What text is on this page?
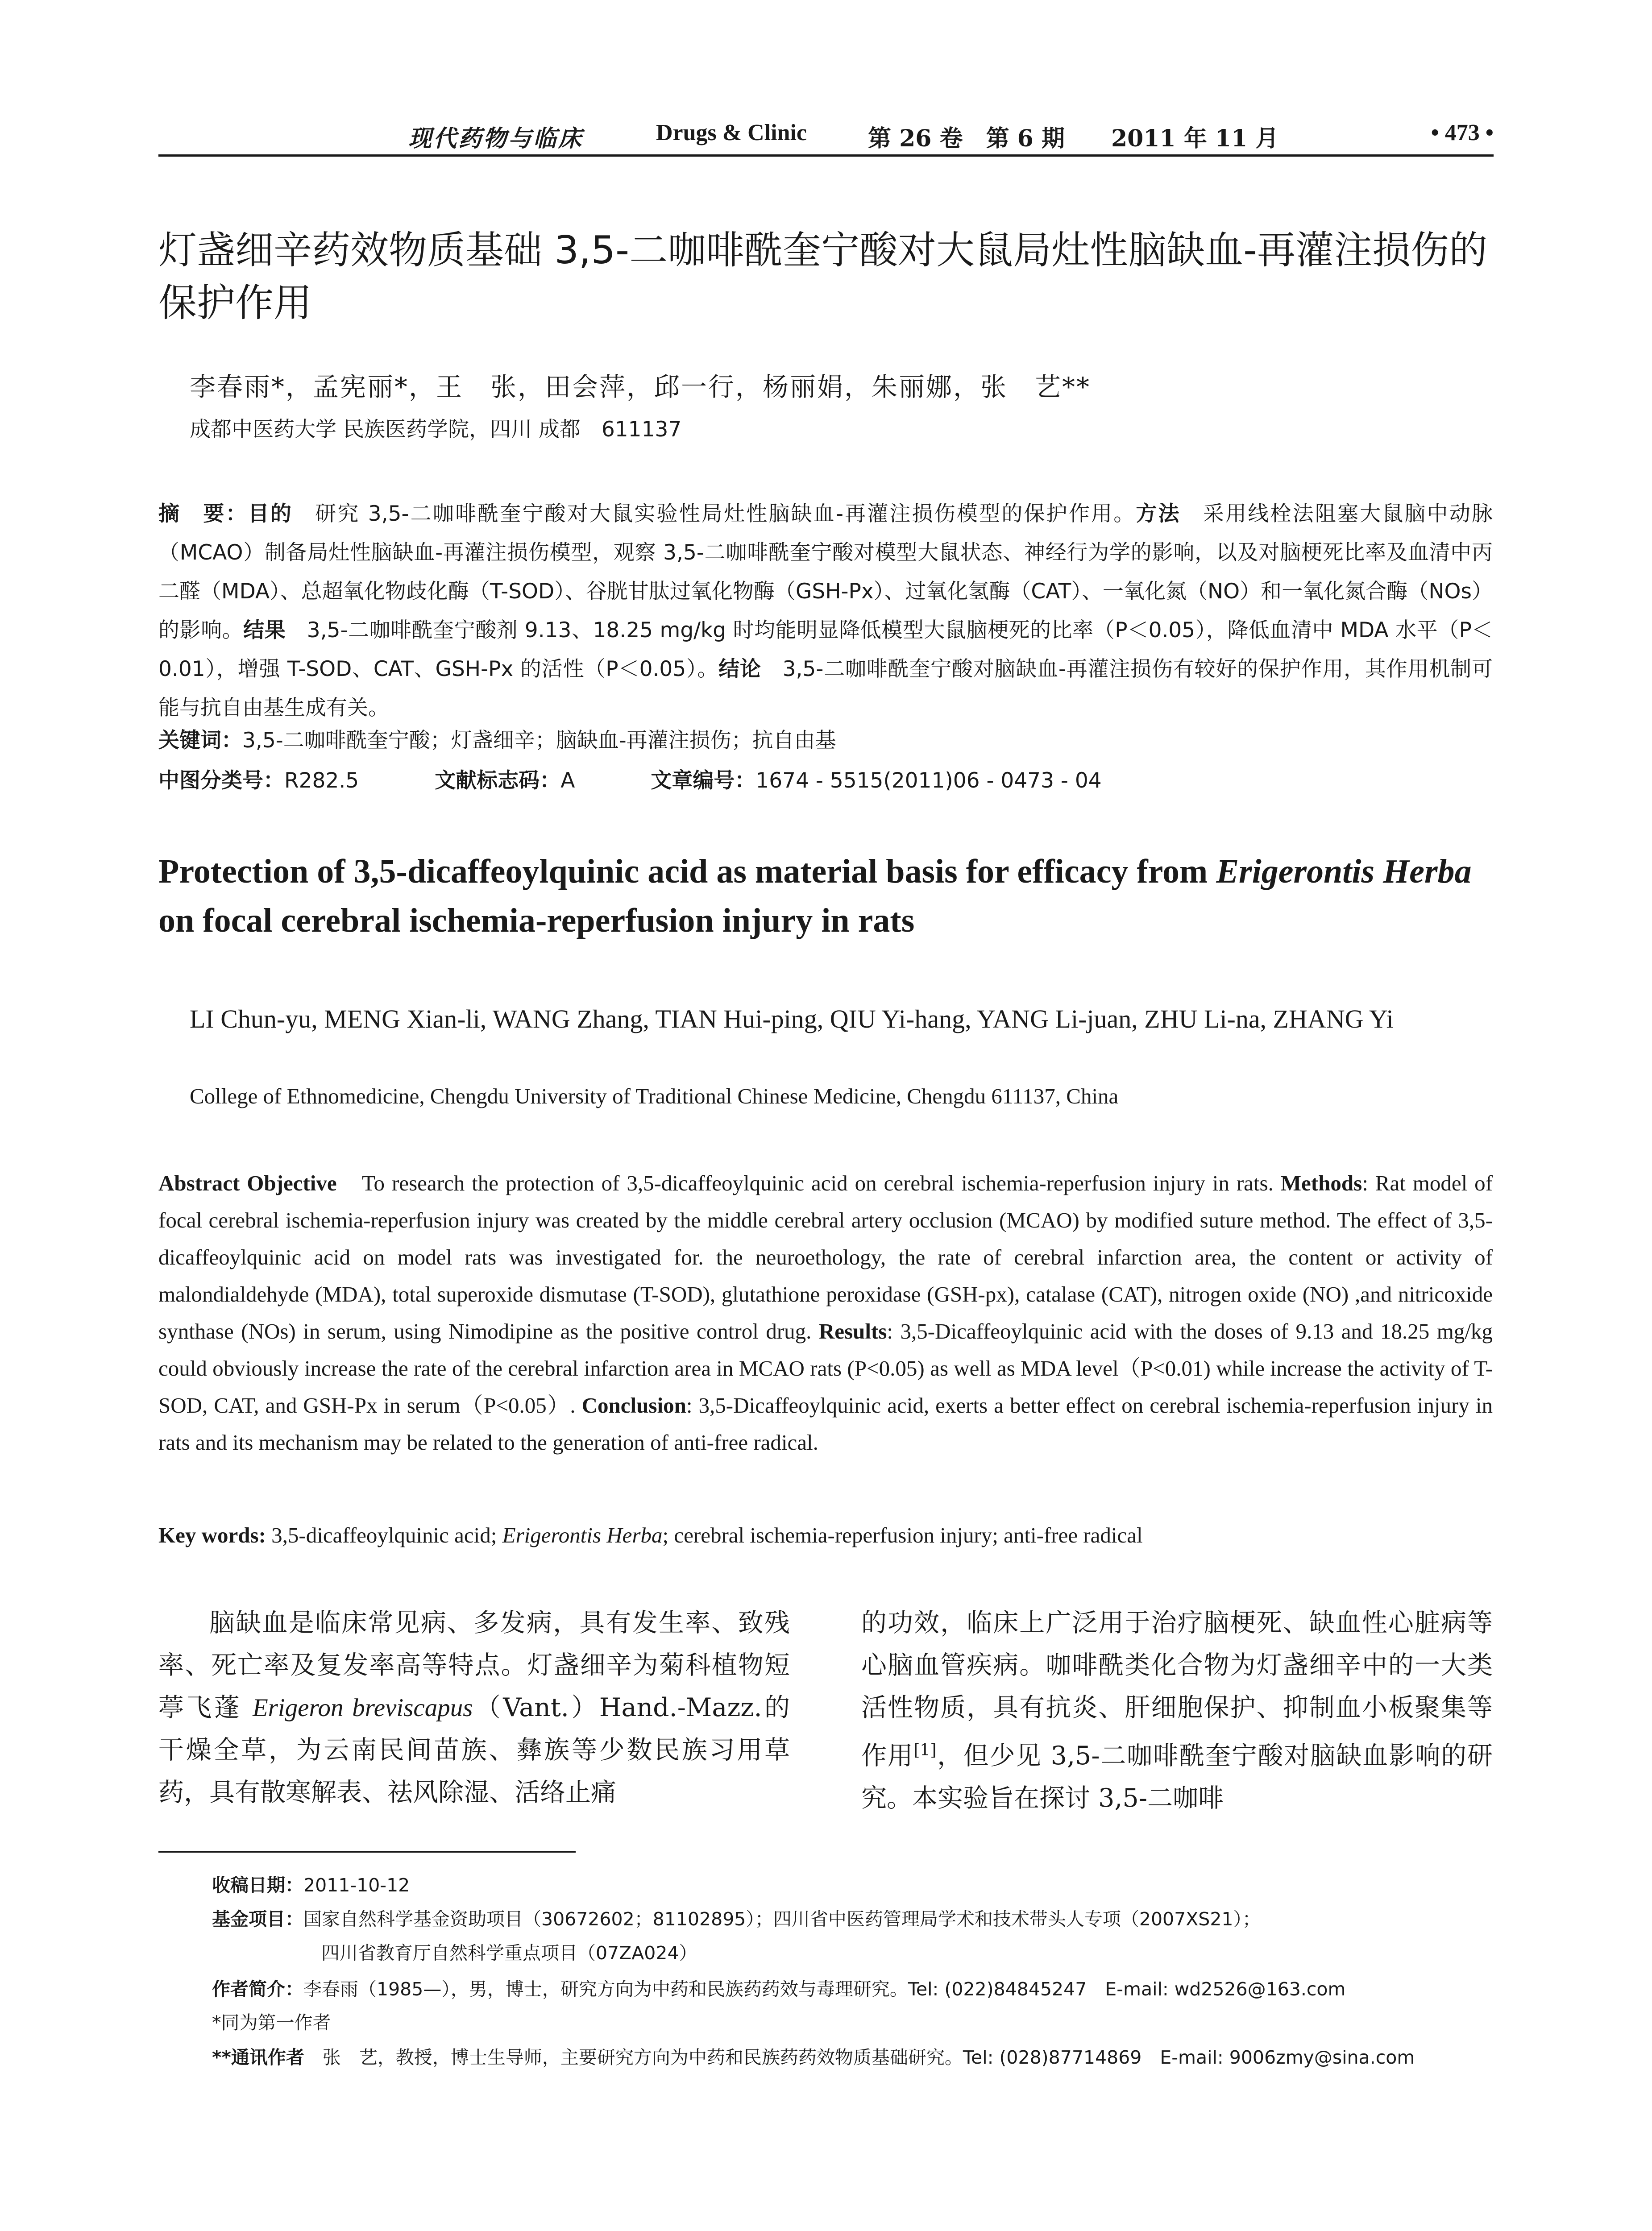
现代药物与临床	Drugs & Clinic	第 26 卷　第 6 期 2011 年 11 月	• 473 •
灯盏细辛药效物质基础 3,5-二咖啡酰奎宁酸对大鼠局灶性脑缺血-再灌注损伤的保护作用
李春雨*，孟宪丽*，王　张，田会萍，邱一行，杨丽娟，朱丽娜，张　艺**
成都中医药大学 民族医药学院，四川 成都　611137
摘　要：目的　研究 3,5-二咖啡酰奎宁酸对大鼠实验性局灶性脑缺血-再灌注损伤模型的保护作用。方法　采用线栓法阻塞大鼠脑中动脉（MCAO）制备局灶性脑缺血-再灌注损伤模型，观察 3,5-二咖啡酰奎宁酸对模型大鼠状态、神经行为学的影响，以及对脑梗死比率及血清中丙二醛（MDA）、总超氧化物歧化酶（T-SOD）、谷胱甘肽过氧化物酶（GSH-Px）、过氧化氢酶（CAT）、一氧化氮（NO）和一氧化氮合酶（NOs）的影响。结果　3,5-二咖啡酰奎宁酸剂 9.13、18.25 mg/kg 时均能明显降低模型大鼠脑梗死的比率（P＜0.05），降低血清中 MDA 水平（P＜0.01），增强 T-SOD、CAT、GSH-Px 的活性（P＜0.05）。结论　3,5-二咖啡酰奎宁酸对脑缺血-再灌注损伤有较好的保护作用，其作用机制可能与抗自由基生成有关。
关键词：3,5-二咖啡酰奎宁酸；灯盏细辛；脑缺血-再灌注损伤；抗自由基
中图分类号：R282.5	文献标志码：A	文章编号：1674 - 5515(2011)06 - 0473 - 04
Protection of 3,5-dicaffeoylquinic acid as material basis for efficacy from Erigerontis Herba on focal cerebral ischemia-reperfusion injury in rats
LI Chun-yu, MENG Xian-li, WANG Zhang, TIAN Hui-ping, QIU Yi-hang, YANG Li-juan, ZHU Li-na, ZHANG Yi
College of Ethnomedicine, Chengdu University of Traditional Chinese Medicine, Chengdu 611137, China
Abstract Objective　To research the protection of 3,5-dicaffeoylquinic acid on cerebral ischemia-reperfusion injury in rats. Methods: Rat model of focal cerebral ischemia-reperfusion injury was created by the middle cerebral artery occlusion (MCAO) by modified suture method. The effect of 3,5-dicaffeoylquinic acid on model rats was investigated for. the neuroethology, the rate of cerebral infarction area, the content or activity of malondialdehyde (MDA), total superoxide dismutase (T-SOD), glutathione peroxidase (GSH-px), catalase (CAT), nitrogen oxide (NO) ,and nitricoxide synthase (NOs) in serum, using Nimodipine as the positive control drug. Results: 3,5-Dicaffeoylquinic acid with the doses of 9.13 and 18.25 mg/kg could obviously increase the rate of the cerebral infarction area in MCAO rats (P<0.05) as well as MDA level（P<0.01) while increase the activity of T-SOD, CAT, and GSH-Px in serum（P<0.05）. Conclusion: 3,5-Dicaffeoylquinic acid, exerts a better effect on cerebral ischemia-reperfusion injury in rats and its mechanism may be related to the generation of anti-free radical.
Key words: 3,5-dicaffeoylquinic acid; Erigerontis Herba; cerebral ischemia-reperfusion injury; anti-free radical
脑缺血是临床常见病、多发病，具有发生率、致残率、死亡率及复发率高等特点。灯盏细辛为菊科植物短葶飞蓬 Erigeron breviscapus（Vant.）Hand.-Mazz.的干燥全草，为云南民间苗族、彝族等少数民族习用草药，具有散寒解表、祛风除湿、活络止痛
的功效，临床上广泛用于治疗脑梗死、缺血性心脏病等心脑血管疾病。咖啡酰类化合物为灯盏细辛中的一大类活性物质，具有抗炎、肝细胞保护、抑制血小板聚集等作用[1]，但少见 3,5-二咖啡酰奎宁酸对脑缺血影响的研究。本实验旨在探讨 3,5-二咖啡
收稿日期：2011-10-12
基金项目：国家自然科学基金资助项目（30672602；81102895）；四川省中医药管理局学术和技术带头人专项（2007XS21）；
四川省教育厅自然科学重点项目（07ZA024）
作者简介：李春雨（1985—），男，博士，研究方向为中药和民族药药效与毒理研究。Tel: (022)84845247　E-mail: wd2526@163.com
*同为第一作者
**通讯作者　张　艺，教授，博士生导师，主要研究方向为中药和民族药药效物质基础研究。Tel: (028)87714869　E-mail: 9006zmy@sina.com
